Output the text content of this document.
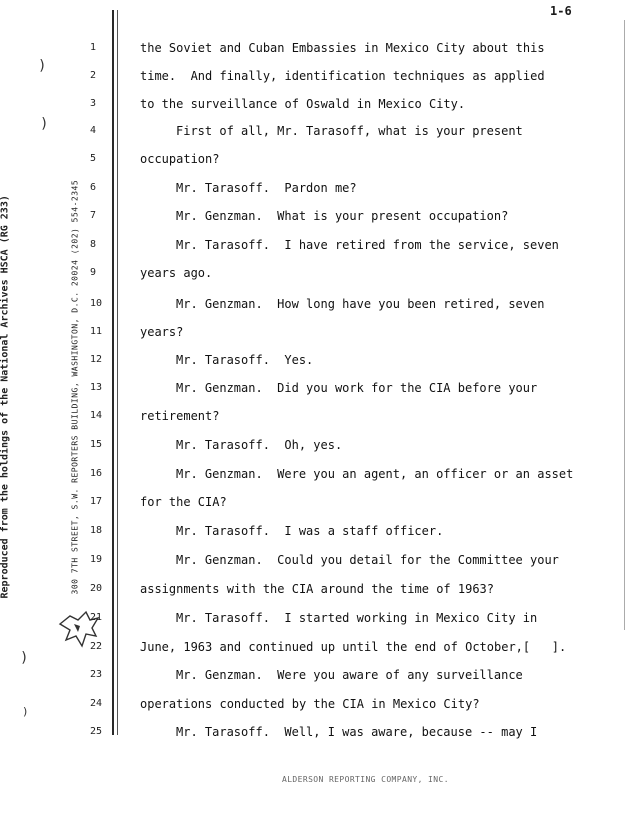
1-6
Reproduced from the holdings of the National Archives HSCA (RG 233)	300 7TH STREET, S.W. REPORTERS BUILDING, WASHINGTON, D.C. 20024 (202) 554-2345
)
)
)
)
1	the Soviet and Cuban Embassies in Mexico City about this
2	time.  And finally, identification techniques as applied
3	to the surveillance of Oswald in Mexico City.
4	First of all, Mr. Tarasoff, what is your present
5	occupation?
6	Mr. Tarasoff.  Pardon me?
7	Mr. Genzman.  What is your present occupation?
8	Mr. Tarasoff.  I have retired from the service, seven
9	years ago.
10	Mr. Genzman.  How long have you been retired, seven
11	years?
12	Mr. Tarasoff.  Yes.
13	Mr. Genzman.  Did you work for the CIA before your
14	retirement?
15	Mr. Tarasoff.  Oh, yes.
16	Mr. Genzman.  Were you an agent, an officer or an asset
17	for the CIA?
18	Mr. Tarasoff.  I was a staff officer.
19	Mr. Genzman.  Could you detail for the Committee your
20	assignments with the CIA around the time of 1963?
21	Mr. Tarasoff.  I started working in Mexico City in
22	June, 1963 and continued up until the end of October,[   ].
23	Mr. Genzman.  Were you aware of any surveillance
24	operations conducted by the CIA in Mexico City?
25	Mr. Tarasoff.  Well, I was aware, because -- may I
ALDERSON REPORTING COMPANY, INC.
